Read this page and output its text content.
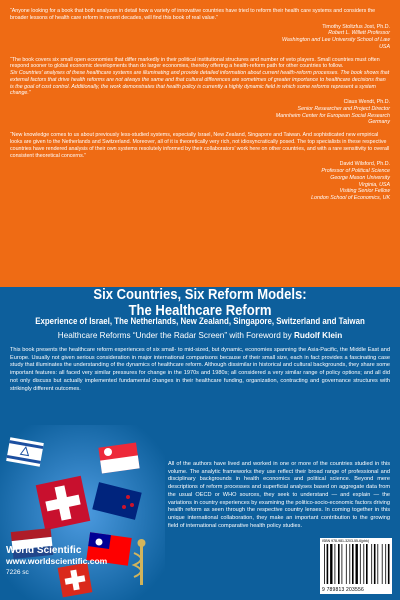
“Anyone looking for a book that both analyzes in detail how a variety of innovative countries have tried to reform their health care systems and considers the broader lessons of health care reform in recent decades, will find this book of real value.”

Timothy Stoltzfus Jost, Ph.D.
Robert L. Willett Professor
Washington and Lee University School of Law
USA

“The book covers six small open economies that differ markedly in their political institutional structures and number of veto players. Small countries must often respond sooner to global economic developments than do larger economies, thereby offering a health-reform path for other countries to follow.

Six Countries’ analyses of these healthcare systems are illuminating and provide detailed information about current health-reform processes. The book shows that external factors that drive health reforms are not always the same and that cultural differences are sometimes of greater importance to healthcare decisions than is the goal of cost control. Additionally, the work demonstrates that health policy is currently a highly dynamic field in which some reforms represent a system change.”

Claus Wendt, Ph.D.
Senior Researcher and Project Director
Mannheim Center for European Social Research
Germany

“New knowledge comes to us about previously less-studied systems, especially Israel, New Zealand, Singapore and Taiwan. And sophisticated new empirical looks are given to the Netherlands and Switzerland. Moreover, all of it is theoretically very rich, not idiosyncratically posed. The top specialists in these respective countries have rendered analysis of their own systems resolutely informed by their collaborators’ work here on other countries, and with a rare sensitivity to overall consistent theoretical concerns.”

David Wilsford, Ph.D.
Professor of Political Science
George Mason University
Virginia, USA
Visiting Senior Fellow
London School of Economics, UK
Six Countries, Six Reform Models:
The Healthcare Reform
Experience of Israel, The Netherlands, New Zealand, Singapore, Switzerland and Taiwan
Healthcare Reforms “Under the Radar Screen” with Foreword by Rudolf Klein
This book presents the healthcare reform experiences of six small- to mid-sized, but dynamic, economies spanning the Asia-Pacific, the Middle East and Europe. Usually not given serious consideration in major international comparisons because of their small size, each in fact provides a fascinating case study that illuminates the understanding of the dynamics of healthcare reform. Although dissimilar in historical and cultural backgrounds, they share some important features: all faced very similar pressures for change in the 1970s and 1980s; all considered a very similar range of policy options; and all did not only discuss but actually implemented fundamental changes in their healthcare funding, organization, contracting and governance structures with strikingly different outcomes.
All of the authors have lived and worked in one or more of the countries studied in this volume. The analytic frameworks they use reflect their broad range of professional and disciplinary backgrounds in health economics and political science. Beyond mere descriptions of reform processes and superficial analyses based on aggregate data from the usual OECD or WHO sources, they seek to understand — and explain — the variations in country experiences by examining the politico-socio-economic factors driving health reform as seen through the respective country lenses. In coming together in this unique international collaboration, they make an important contribution to the growing field of international comparative health policy studies.
World Scientific
www.worldscientific.com
7226 sc
ISBN 978-981-3203-55-6(pbk)
9 789813 203556
